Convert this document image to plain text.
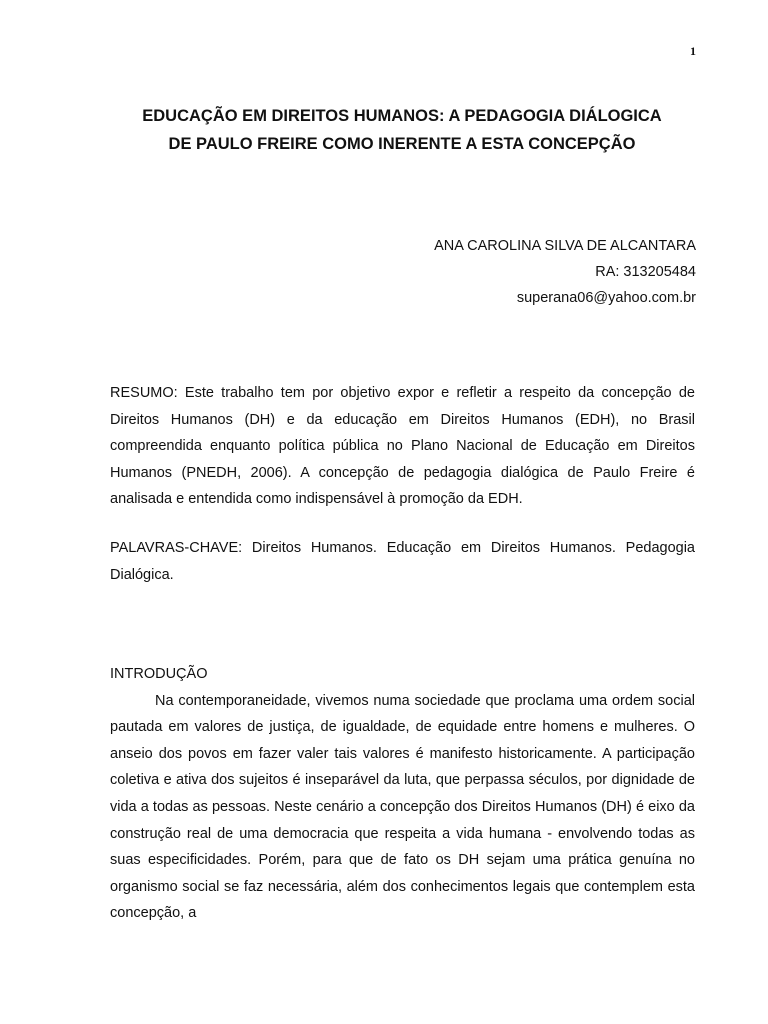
1
EDUCAÇÃO EM DIREITOS HUMANOS: A PEDAGOGIA DIÁLOGICA
DE PAULO FREIRE COMO INERENTE A ESTA CONCEPÇÃO
ANA CAROLINA SILVA DE ALCANTARA
RA: 313205484
superana06@yahoo.com.br

RESUMO: Este trabalho tem por objetivo expor e refletir a respeito da concepção de Direitos Humanos (DH) e da educação em Direitos Humanos (EDH), no Brasil compreendida enquanto política pública no Plano Nacional de Educação em Direitos Humanos (PNEDH, 2006). A concepção de pedagogia dialógica de Paulo Freire é analisada e entendida como indispensável à promoção da EDH.

PALAVRAS-CHAVE: Direitos Humanos. Educação em Direitos Humanos. Pedagogia Dialógica.

INTRODUÇÃO

Na contemporaneidade, vivemos numa sociedade que proclama uma ordem social pautada em valores de justiça, de igualdade, de equidade entre homens e mulheres. O anseio dos povos em fazer valer tais valores é manifesto historicamente. A participação coletiva e ativa dos sujeitos é inseparável da luta, que perpassa séculos, por dignidade de vida a todas as pessoas. Neste cenário a concepção dos Direitos Humanos (DH) é eixo da construção real de uma democracia que respeita a vida humana - envolvendo todas as suas especificidades. Porém, para que de fato os DH sejam uma prática genuína no organismo social se faz necessária, além dos conhecimentos legais que contemplem esta concepção, a
